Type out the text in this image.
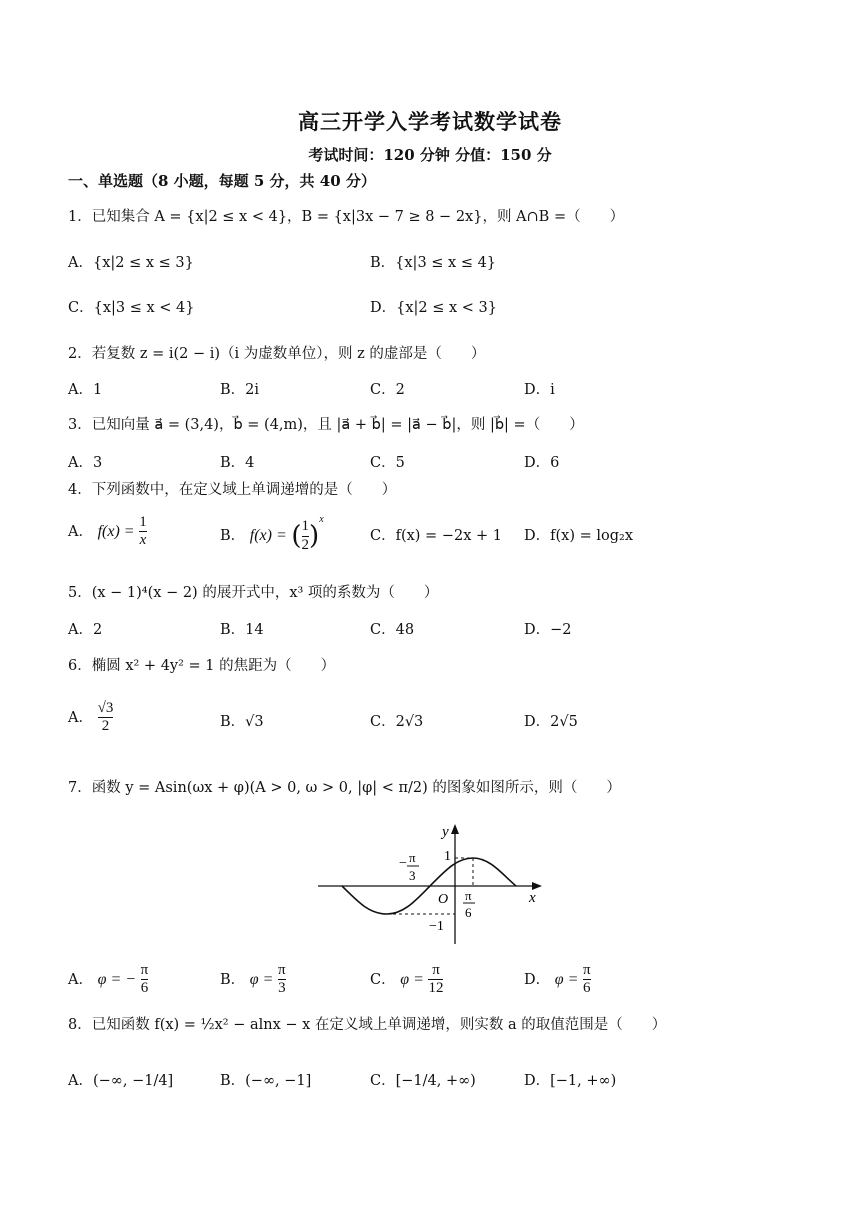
高三开学入学考试数学试卷
考试时间：120 分钟 分值：150 分
一、单选题（8 小题，每题 5 分，共 40 分）
1．已知集合 A = {x|2 ≤ x < 4}，B = {x|3x − 7 ≥ 8 − 2x}，则 A∩B =（　　）
A．{x|2 ≤ x ≤ 3}	B．{x|3 ≤ x ≤ 4}
C．{x|3 ≤ x < 4}	D．{x|2 ≤ x < 3}
2．若复数 z = i(2 − i)（i 为虚数单位），则 z 的虚部是（　　）
A．1	B．2i	C．2	D．i
3．已知向量 a⃗ = (3,4)，b⃗ = (4,m)，且 |a⃗ + b⃗| = |a⃗ − b⃗|，则 |b⃗| =（　　）
A．3	B．4	C．5	D．6
4．下列函数中，在定义域上单调递增的是（　　）
A． $f(x) = \frac{1}{x}$	B． f(x) = ( $\frac{1}{2} )^x$
C．f(x) = −2x + 1 D．f(x) = log₂x
5．(x − 1)⁴(x − 2) 的展开式中，x³ 项的系数为（　　）
A．2	B．14	C．48	D．−2
6．椭圆 x² + 4y² = 1 的焦距为（　　）
A． $\frac{√3}{2}$	B．√3	C．2√3	D．2√5
7．函数 y = Asin(ωx + φ)(A > 0, ω > 0, |φ| < π/2) 的图象如图所示，则（　　）
y
x
O
1
−1
− π
3
π
6
A． φ = − $\frac{\pi}{6}$	B． $\varphi = \frac{\pi}{3}$	C． $\varphi = \frac{\pi}{12}$	D． $\varphi = \frac{\pi}{6}$
8．已知函数 f(x) = ½x² − alnx − x 在定义域上单调递增，则实数 a 的取值范围是（　　）
A．(−∞, −1/4]	B．(−∞, −1]	C．[−1/4, +∞)	D．[−1, +∞)
